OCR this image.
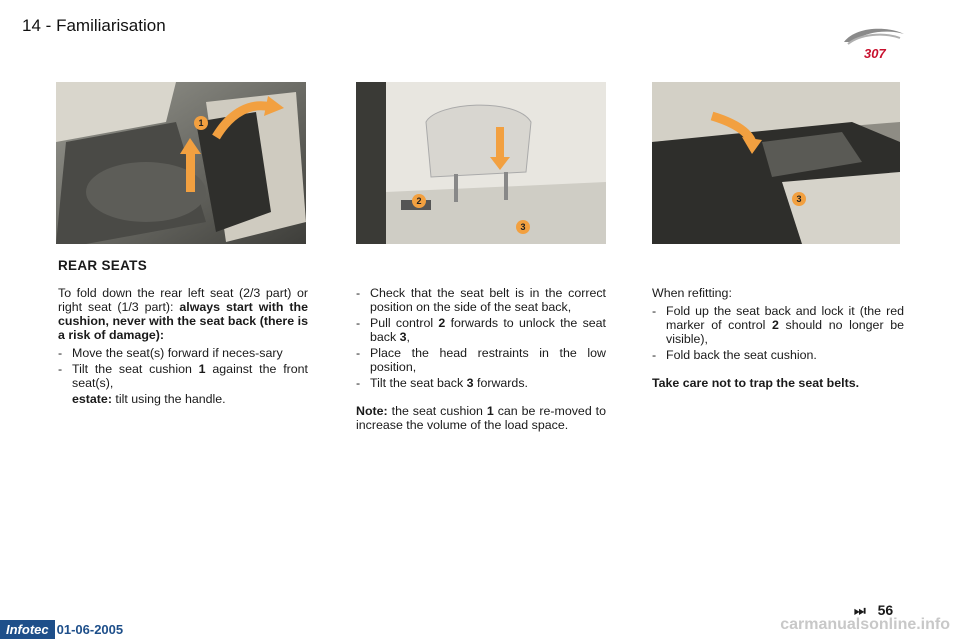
14 - Familiarisation
307
1
2
3
3
REAR SEATS

To fold down the rear left seat (2/3 part) or right seat (1/3 part): always start with the cushion, never with the seat back (there is a risk of damage):

- Move the seat(s) forward if neces-sary
- Tilt the seat cushion 1 against the front seat(s),
estate: tilt using the handle.
- Check that the seat belt is in the correct position on the side of the seat back,
- Pull control 2 forwards to unlock the seat back 3,
- Place the head restraints in the low position,
- Tilt the seat back 3 forwards.

Note: the seat cushion 1 can be re-moved to increase the volume of the load space.

When refitting:

- Fold up the seat back and lock it (the red marker of control 2 should no longer be visible),
- Fold back the seat cushion.

Take care not to trap the seat belts.

⏭ 56
Infotec 01-06-2005	carmanualsonline.info
